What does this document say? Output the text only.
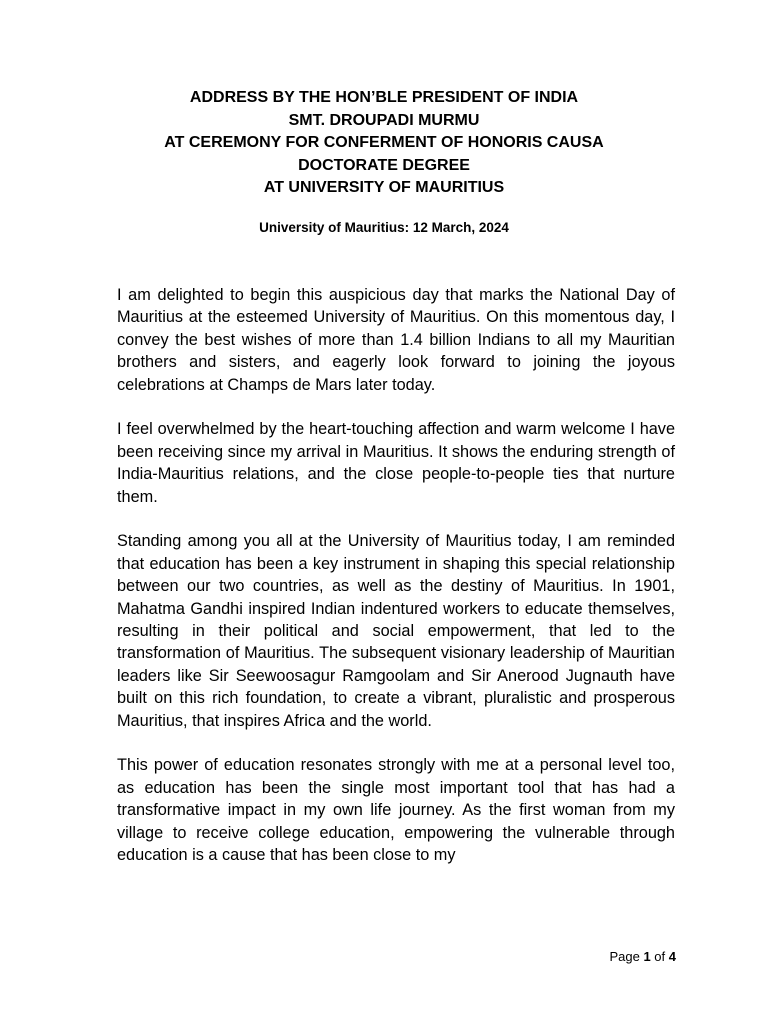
ADDRESS BY THE HON’BLE PRESIDENT OF INDIA
SMT. DROUPADI MURMU
AT CEREMONY FOR CONFERMENT OF HONORIS CAUSA
DOCTORATE DEGREE
AT UNIVERSITY OF MAURITIUS
University of Mauritius: 12 March, 2024

I am delighted to begin this auspicious day that marks the National Day of Mauritius at the esteemed University of Mauritius. On this momentous day, I convey the best wishes of more than 1.4 billion Indians to all my Mauritian brothers and sisters, and eagerly look forward to joining the joyous celebrations at Champs de Mars later today.

I feel overwhelmed by the heart-touching affection and warm welcome I have been receiving since my arrival in Mauritius. It shows the enduring strength of India-Mauritius relations, and the close people-to-people ties that nurture them.

Standing among you all at the University of Mauritius today, I am reminded that education has been a key instrument in shaping this special relationship between our two countries, as well as the destiny of Mauritius. In 1901, Mahatma Gandhi inspired Indian indentured workers to educate themselves, resulting in their political and social empowerment, that led to the transformation of Mauritius. The subsequent visionary leadership of Mauritian leaders like Sir Seewoosagur Ramgoolam and Sir Anerood Jugnauth have built on this rich foundation, to create a vibrant, pluralistic and prosperous Mauritius, that inspires Africa and the world.

This power of education resonates strongly with me at a personal level too, as education has been the single most important tool that has had a transformative impact in my own life journey. As the first woman from my village to receive college education, empowering the vulnerable through education is a cause that has been close to my

Page 1 of 4
